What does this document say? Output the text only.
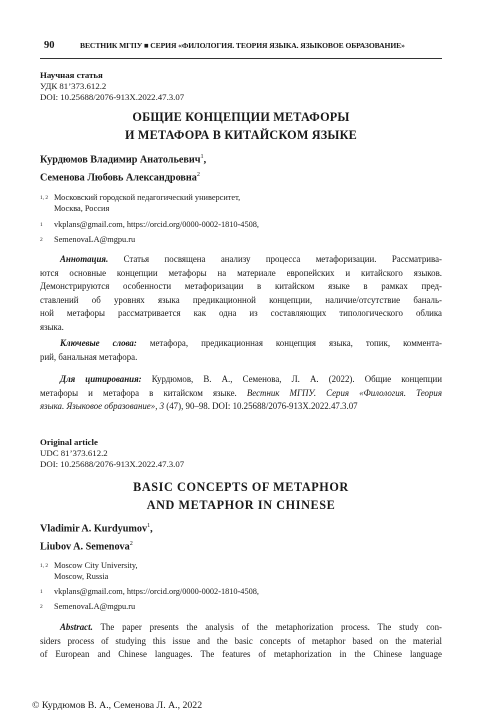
90	ВЕСТНИК МГПУ ■ СЕРИЯ «ФИЛОЛОГИЯ. ТЕОРИЯ ЯЗЫКА. ЯЗЫКОВОЕ ОБРАЗОВАНИЕ»
Научная статья
УДК 81’373.612.2
DOI: 10.25688/2076-913X.2022.47.3.07
ОБЩИЕ КОНЦЕПЦИИ МЕТАФОРЫ
И МЕТАФОРА В КИТАЙСКОМ ЯЗЫКЕ
Курдюмов Владимир Анатольевич$^1$,
Семенова Любовь Александровна$^2$
1, 2 Московский городской педагогический университет,
Москва, Россия
1 vkplans@gmail.com, https://orcid.org/0000-0002-1810-4508,
2 SemenovaLA@mgpu.ru
Аннотация. Статья посвящена анализу процесса метафоризации. Рассматрива-
ются основные концепции метафоры на материале европейских и китайского языков.
Демонстрируются особенности метафоризации в китайском языке в рамках пред-
ставлений об уровнях языка предикационной концепции, наличие/отсутствие баналь-
ной метафоры рассматривается как одна из составляющих типологического облика
языка.
Ключевые слова: метафора, предикационная концепция языка, топик, коммента-
рий, банальная метафора.
Для цитирования: Курдюмов, В. А., Семенова, Л. А. (2022). Общие концепции
метафоры и метафора в китайском языке. Вестник МГПУ. Серия «Филология. Теория
языка. Языковое образование», 3 (47), 90–98. DOI: 10.25688/2076-913X.2022.47.3.07
Original article
UDC 81’373.612.2
DOI: 10.25688/2076-913X.2022.47.3.07
BASIC CONCEPTS OF METAPHOR
AND METAPHOR IN CHINESE
Vladimir A. Kurdyumov$^1$,
Liubov A. Semenova$^2$
1, 2 Moscow City University,
Moscow, Russia
1 vkplans@gmail.com, https://orcid.org/0000-0002-1810-4508,
2 SemenovaLA@mgpu.ru
Abstract. The paper presents the analysis of the metaphorization process. The study con-
siders process of studying this issue and the basic concepts of metaphor based on the material
of European and Chinese languages. The features of metaphorization in the Chinese language
© Курдюмов В. А., Семенова Л. А., 2022
